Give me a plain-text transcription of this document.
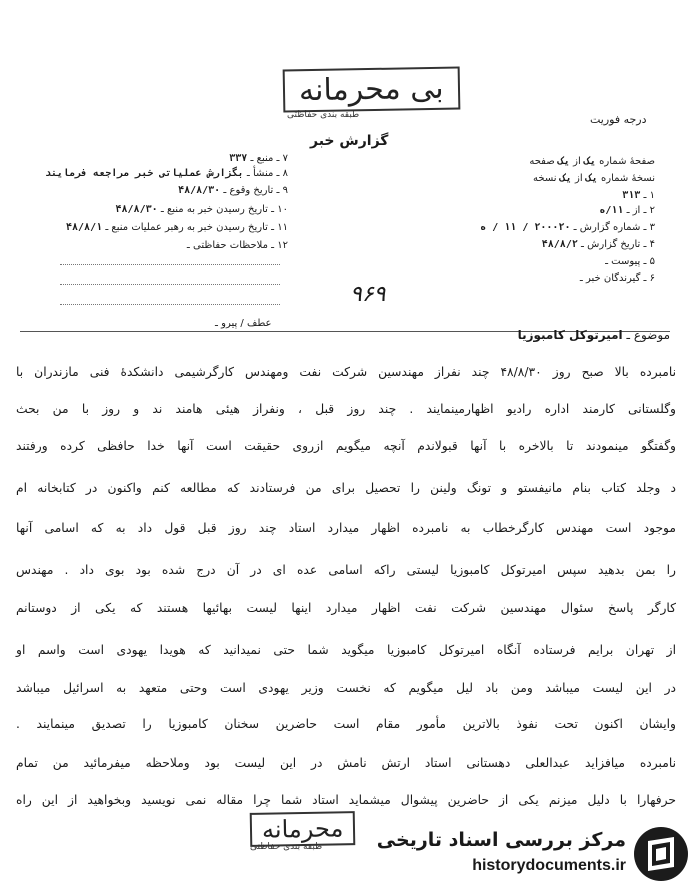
بی محرمانه
طبقه بندی حفاظتی	درجه فوریت
گزارش خبر
صفحهٔ شماره یک از یک صفحه
نسخهٔ شماره یک از یک نسخه
۱ ـ ۳۱۳
۲ ـ از ـ ۱۱/ه
۳ ـ شماره گزارش ـ ۲۰۰۰۲۰ / ۱۱ / ه
۴ ـ تاریخ گزارش ـ ۴۸/۸/۲
۵ ـ پیوست ـ
۶ ـ گیرندگان خبر ـ
۷ ـ منبع ـ ۳۳۷
۸ ـ منشأ ـ بگزارش عملیاتی خبر مراجعه فرمایند
۹ ـ تاریخ وقوع ـ ۴۸/۸/۳۰
۱۰ ـ تاریخ رسیدن خبر به منبع ـ ۴۸/۸/۳۰
۱۱ ـ تاریخ رسیدن خبر به رهبر عملیات منبع ـ ۴۸/۸/۱
۱۲ ـ ملاحظات حفاظتی ـ
۹۶۹
عطف / پیرو ـ
موضوع ـ امیرتوکل کامبوزیا
نامبرده بالا صبح روز ۴۸/۸/۳۰ چند نفراز مهندسین شرکت نفت ومهندس کارگرشیمی دانشکدهٔ فنی مازندران با
وگلستانی کارمند اداره رادیو اظهارمینمایند . چند روز قبل ، ونفراز هیئی هامند ند و روز با من بحث
وگفتگو مینمودند تا بالاخره با آنها قبولاندم آنچه میگویم ازروی حقیقت است آنها خدا حافظی کرده ورفتند
د وجلد کتاب بنام مانیفستو و تونگ ولینن را تحصیل برای من فرستادند که مطالعه کنم واکنون در کتابخانه ام
موجود است مهندس کارگرخطاب به نامبرده اظهار میدارد استاد چند روز قبل قول داد به که اسامی آنها
را بمن بدهید سپس امیرتوکل کامبوزیا لیستی راکه اسامی عده ای در آن درج شده بود بوی داد . مهندس
کارگر پاسخ سئوال مهندسین شرکت نفت اظهار میدارد اینها لیست بهائیها هستند که یکی از دوستانم
از تهران برایم فرستاده آنگاه امیرتوکل کامبوزیا میگوید شما حتی نمیدانید که هویدا یهودی است واسم او
در این لیست میباشد ومن باد لیل میگویم که نخست وزیر یهودی است وحتی متعهد به اسرائیل میباشد
وایشان اکنون تحت نفوذ بالاترین مأمور مقام است حاضرین سخنان کامبوزیا را تصدیق مینمایند .
نامبرده میافزاید عبدالعلی دهستانی استاد ارتش نامش در این لیست بود وملاحظه میفرمائید من تمام
حرفهارا با دلیل میزنم یکی از حاضرین پیشوال میشماید استاد شما چرا مقاله نمی نویسید وبخواهید از این راه
محرمانه
طبقه بندی حفاظتی	مرکز بررسی اسناد تاریخی
historydocuments.ir
